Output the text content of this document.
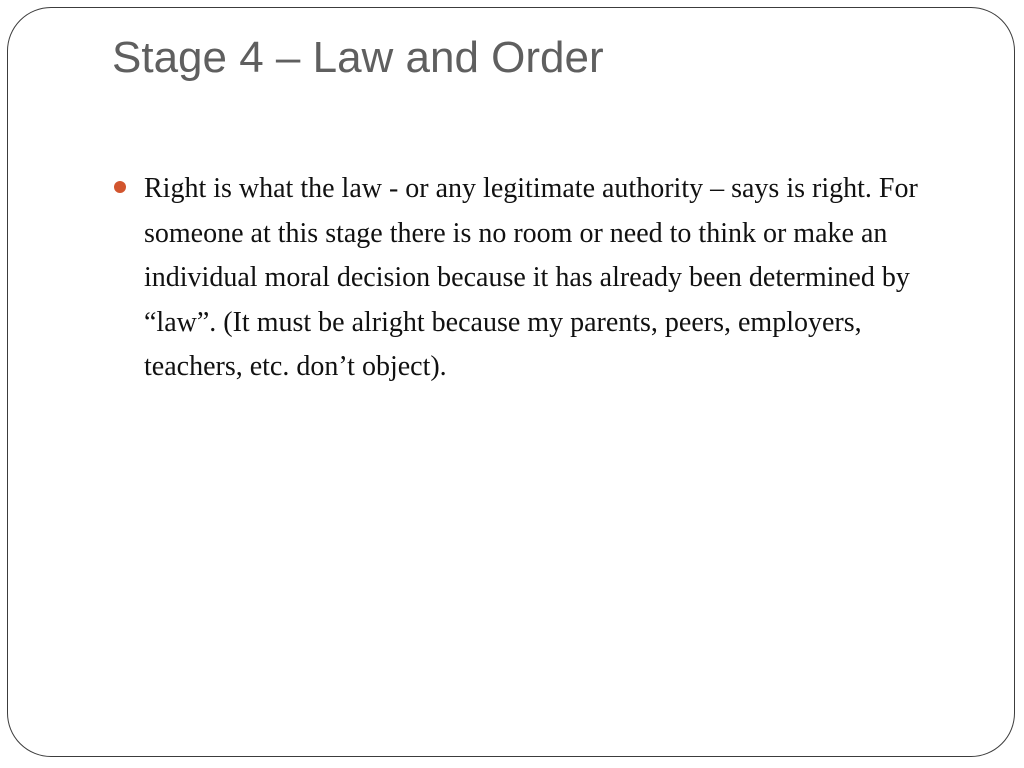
Stage 4 – Law and Order
Right is what the law - or any legitimate authority – says is right. For someone at this stage there is no room or need to think or make an individual moral decision because it has already been determined by “law”. (It must be alright because my parents, peers, employers, teachers, etc. don’t object).
